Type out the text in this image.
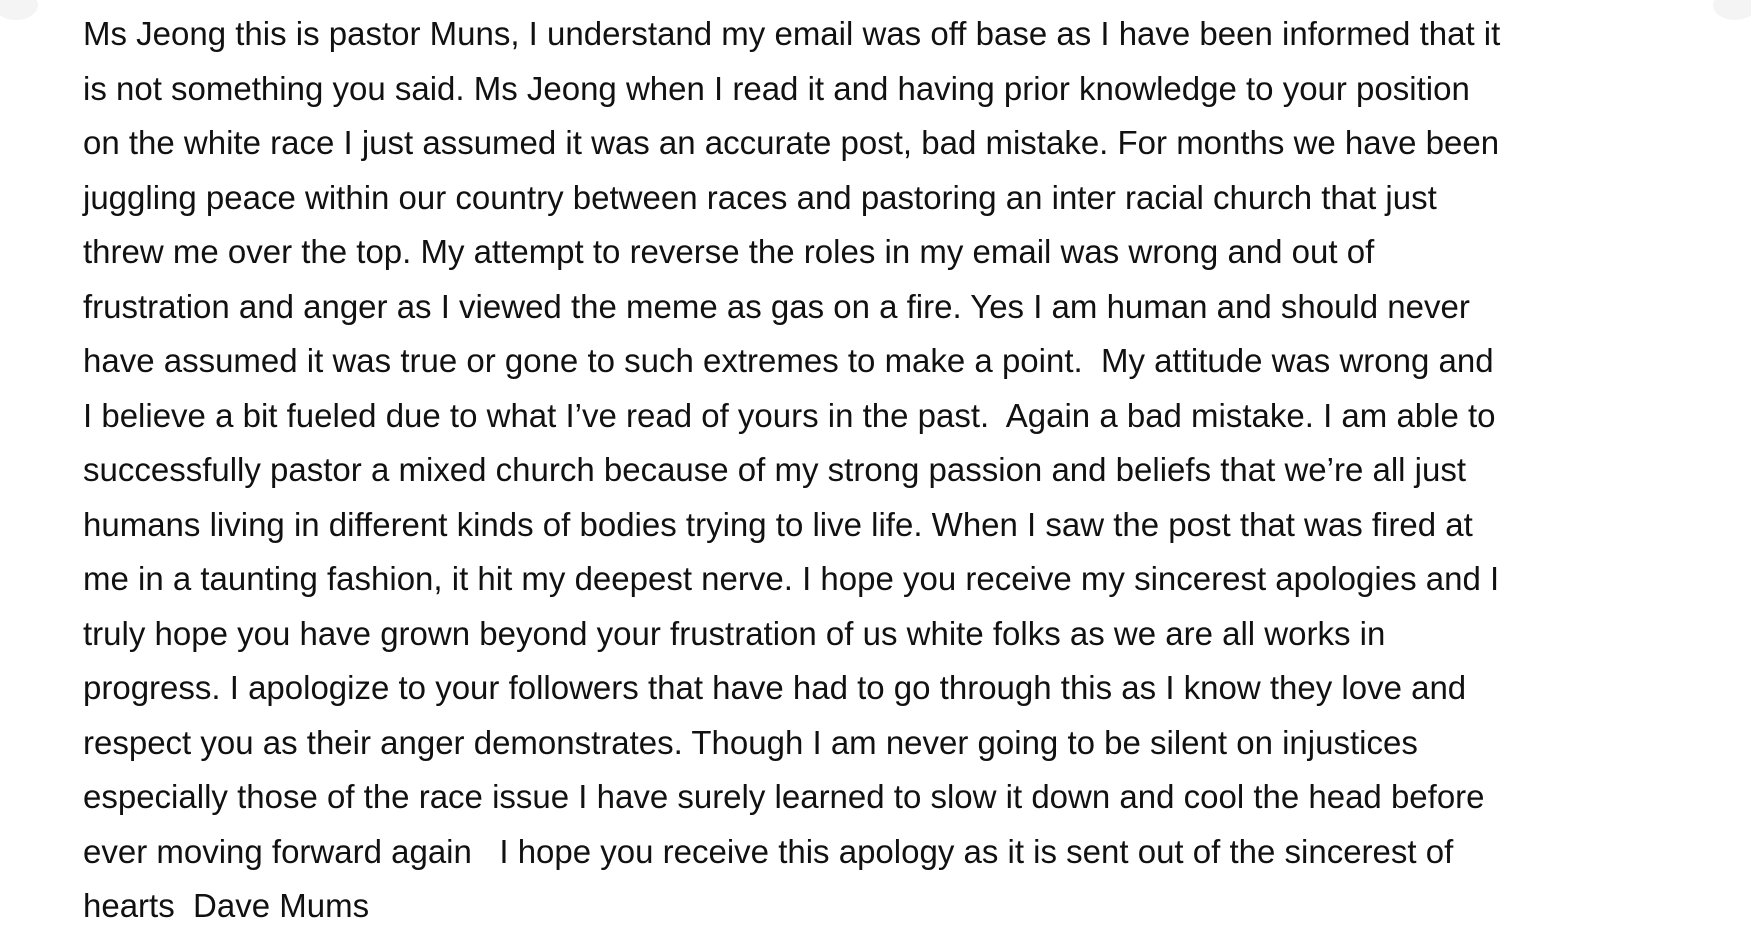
Ms Jeong this is pastor Muns, I understand my email was off base as I have been informed that it
is not something you said. Ms Jeong when I read it and having prior knowledge to your position
on the white race I just assumed it was an accurate post, bad mistake. For months we have been
juggling peace within our country between races and pastoring an inter racial church that just
threw me over the top. My attempt to reverse the roles in my email was wrong and out of
frustration and anger as I viewed the meme as gas on a fire. Yes I am human and should never
have assumed it was true or gone to such extremes to make a point.  My attitude was wrong and
I believe a bit fueled due to what I’ve read of yours in the past.  Again a bad mistake. I am able to
successfully pastor a mixed church because of my strong passion and beliefs that we’re all just
humans living in different kinds of bodies trying to live life. When I saw the post that was fired at
me in a taunting fashion, it hit my deepest nerve. I hope you receive my sincerest apologies and I
truly hope you have grown beyond your frustration of us white folks as we are all works in
progress. I apologize to your followers that have had to go through this as I know they love and
respect you as their anger demonstrates. Though I am never going to be silent on injustices
especially those of the race issue I have surely learned to slow it down and cool the head before
ever moving forward again   I hope you receive this apology as it is sent out of the sincerest of
hearts  Dave Mums
